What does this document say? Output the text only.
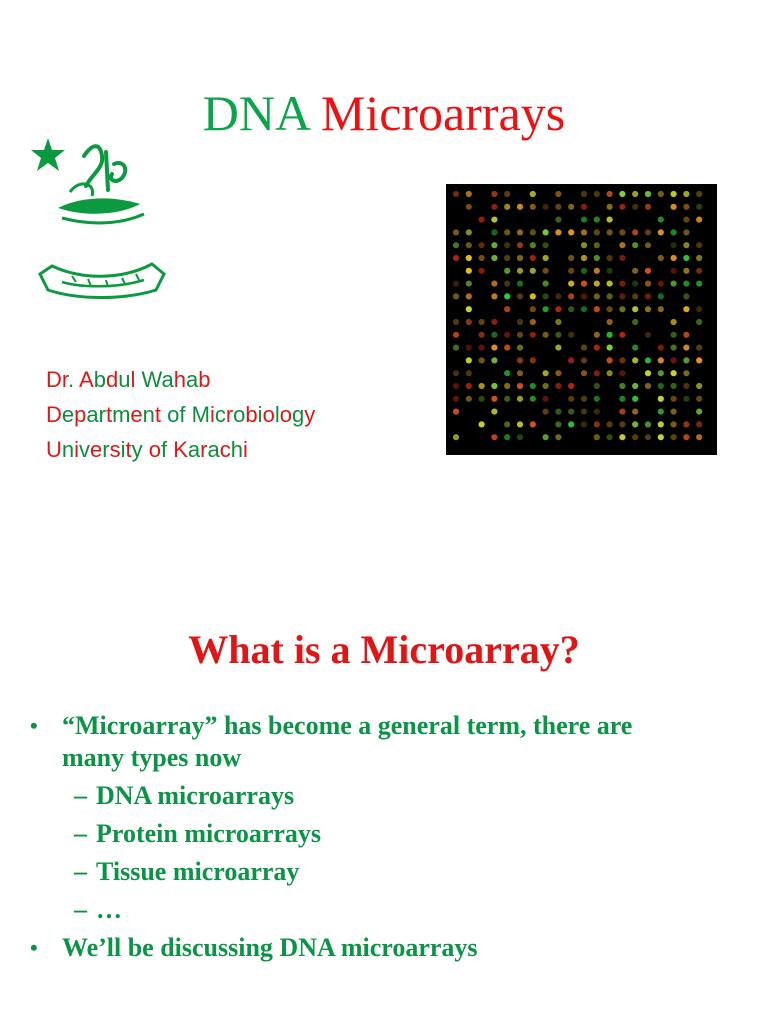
DNA Microarrays
Dr. Abdul Wahab
Department of Microbiology
University of Karachi
What is a Microarray?
• “Microarray” has become a general term, there are
many types now
– DNA microarrays
– Protein microarrays
– Tissue microarray
– …
• We’ll be discussing DNA microarrays
